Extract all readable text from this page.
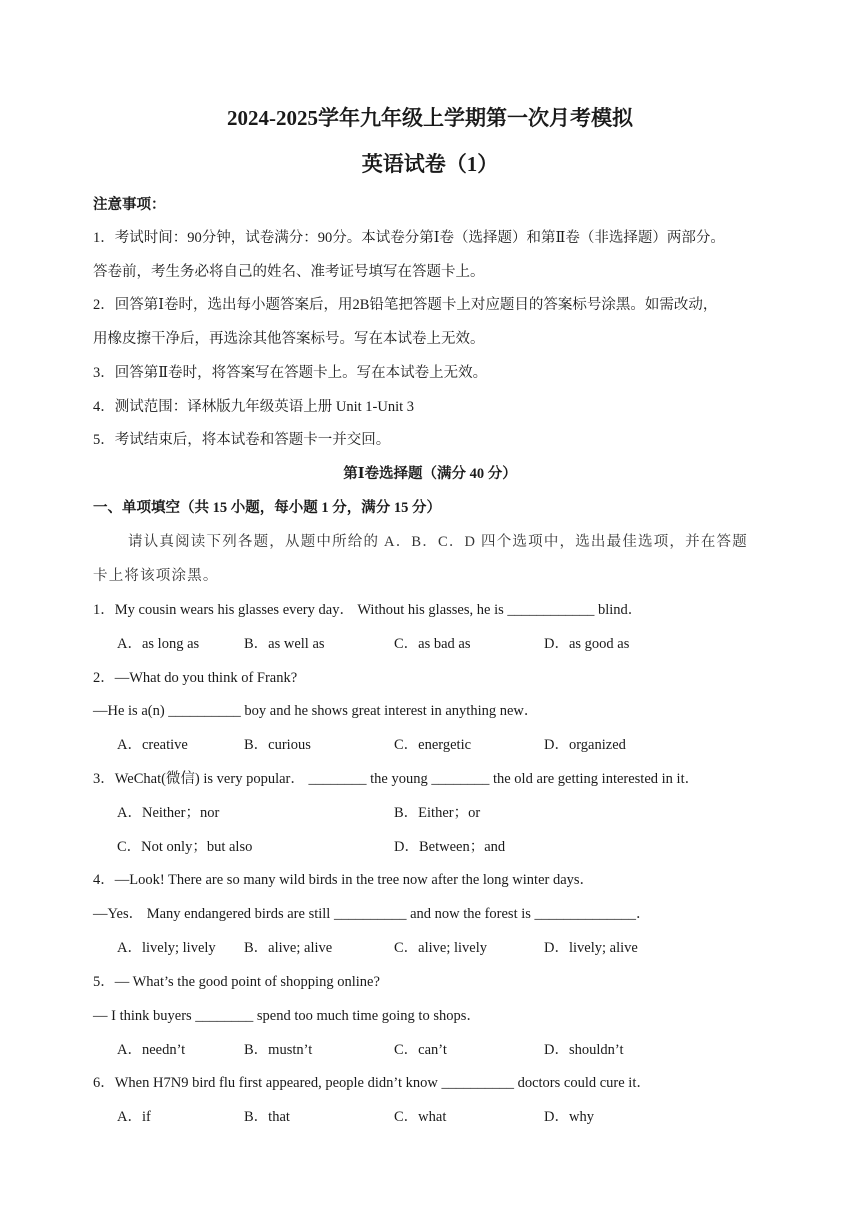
2024-2025学年九年级上学期第一次月考模拟
英语试卷（1）
注意事项：
1．考试时间：90分钟，试卷满分：90分。本试卷分第Ⅰ卷（选择题）和第Ⅱ卷（非选择题）两部分。
答卷前，考生务必将自己的姓名、准考证号填写在答题卡上。
2．回答第Ⅰ卷时，选出每小题答案后，用2B铅笔把答题卡上对应题目的答案标号涂黑。如需改动，
用橡皮擦干净后，再选涂其他答案标号。写在本试卷上无效。
3．回答第Ⅱ卷时，将答案写在答题卡上。写在本试卷上无效。
4．测试范围：译林版九年级英语上册 Unit 1-Unit 3
5．考试结束后，将本试卷和答题卡一并交回。
第Ⅰ卷选择题（满分 40 分）
一、单项填空（共 15 小题，每小题 1 分，满分 15 分）
请认真阅读下列各题，从题中所给的 A．B．C．D 四个选项中，选出最佳选项，并在答题
卡上将该项涂黑。
1．My cousin wears his glasses every day． Without his glasses, he is ____________ blind．
A．as long as	B．as well as	C．as bad as	D．as good as
2．—What do you think of Frank?
—He is a(n) __________ boy and he shows great interest in anything new．
A．creative	B．curious	C．energetic	D．organized
3．WeChat(微信) is very popular． ________ the young ________ the old are getting interested in it．
A．Neither；nor	B．Either；or
C．Not only；but also	D．Between；and
4．—Look! There are so many wild birds in the tree now after the long winter days．
—Yes． Many endangered birds are still __________ and now the forest is ______________．
A．lively; lively B．alive; alive	C．alive; lively	D．lively; alive
5．— What’s the good point of shopping online?
— I think buyers ________ spend too much time going to shops．
A．needn’t	B．mustn’t	C．can’t	D．shouldn’t
6．When H7N9 bird flu first appeared, people didn’t know __________ doctors could cure it．
A．if	B．that	C．what	D．why
